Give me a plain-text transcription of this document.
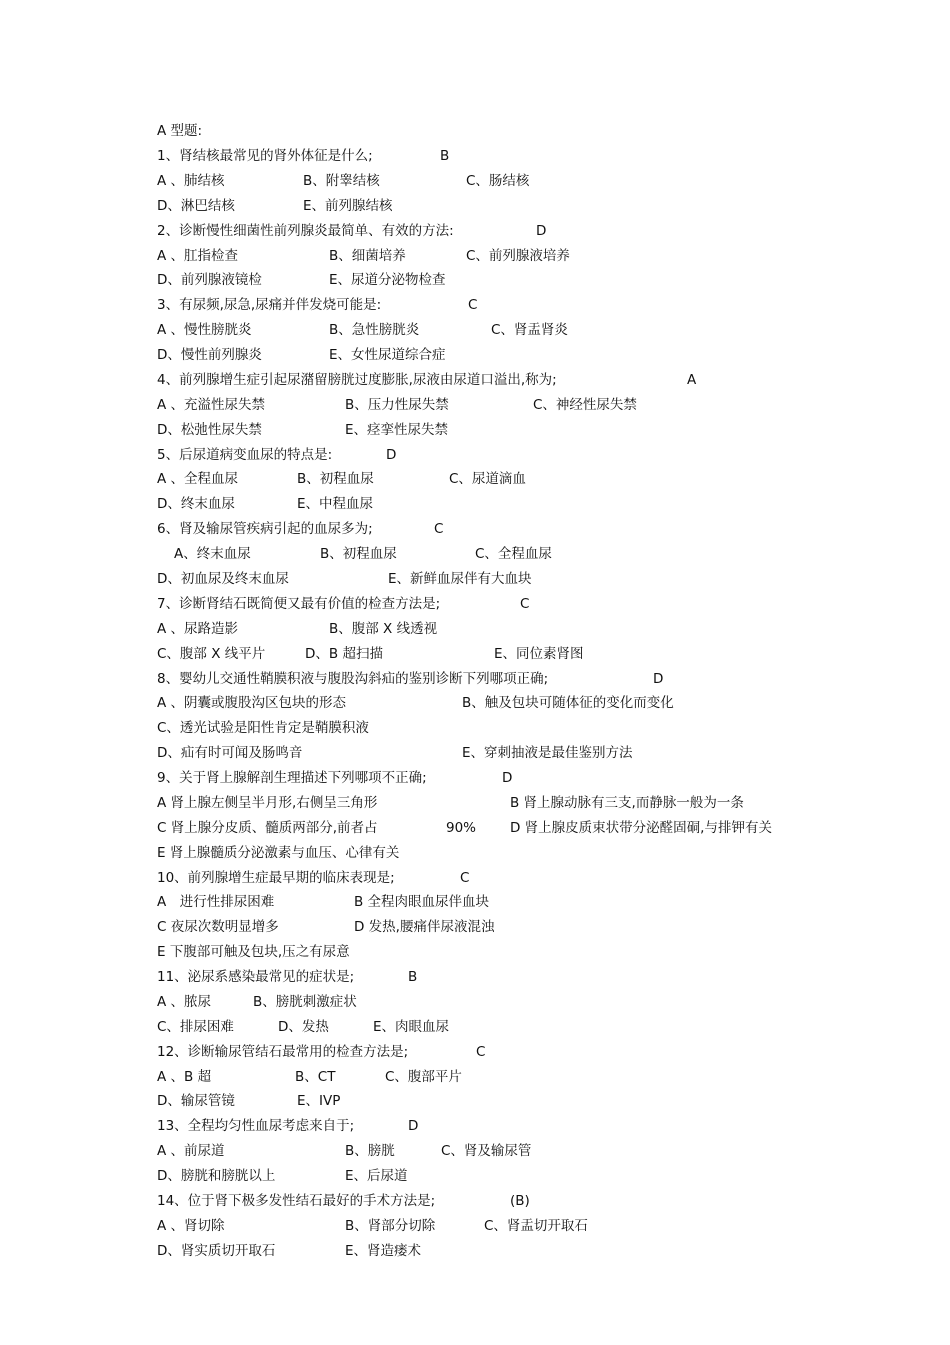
A 型题:
1、肾结核最常见的肾外体征是什么;	B
A 、肺结核	B、附睾结核	C、肠结核
D、淋巴结核	E、前列腺结核
2、诊断慢性细菌性前列腺炎最简单、有效的方法:	D
A 、肛指检查	B、细菌培养	C、前列腺液培养
D、前列腺液镜检	E、尿道分泌物检查
3、有尿频,尿急,尿痛并伴发烧可能是:	C
A 、慢性膀胱炎	B、急性膀胱炎	C、肾盂肾炎
D、慢性前列腺炎	E、女性尿道综合症
4、前列腺增生症引起尿潴留膀胱过度膨胀,尿液由尿道口溢出,称为;	A
A 、充溢性尿失禁	B、压力性尿失禁	C、神经性尿失禁
D、松弛性尿失禁	E、痉挛性尿失禁
5、后尿道病变血尿的特点是:	D
A 、全程血尿	B、初程血尿	C、尿道滴血
D、终末血尿	E、中程血尿
6、肾及输尿管疾病引起的血尿多为;	C
A、终末血尿	B、初程血尿	C、全程血尿
D、初血尿及终末血尿	E、新鲜血尿伴有大血块
7、诊断肾结石既简便又最有价值的检查方法是;	C
A 、尿路造影	B、腹部 X 线透视
C、腹部 X 线平片	D、B 超扫描	E、同位素肾图
8、婴幼儿交通性鞘膜积液与腹股沟斜疝的鉴别诊断下列哪项正确;	D
A 、阴囊或腹股沟区包块的形态	B、触及包块可随体征的变化而变化
C、透光试验是阳性肯定是鞘膜积液
D、疝有时可闻及肠鸣音	E、穿刺抽液是最佳鉴别方法
9、关于肾上腺解剖生理描述下列哪项不正确;	D
A 肾上腺左侧呈半月形,右侧呈三角形	B 肾上腺动脉有三支,而静脉一般为一条
C 肾上腺分皮质、髓质两部分,前者占	90%	D 肾上腺皮质束状带分泌醛固硐,与排钾有关
E 肾上腺髓质分泌激素与血压、心律有关
10、前列腺增生症最早期的临床表现是;	C
A　进行性排尿困难	B 全程肉眼血尿伴血块
C 夜尿次数明显增多	D 发热,腰痛伴尿液混浊
E 下腹部可触及包块,压之有尿意
11、泌尿系感染最常见的症状是;	B
A 、脓尿	B、膀胱刺激症状
C、排尿困难	D、发热	E、肉眼血尿
12、诊断输尿管结石最常用的检查方法是;	C
A 、B 超	B、CT	C、腹部平片
D、输尿管镜	E、IVP
13、全程均匀性血尿考虑来自于;	D
A 、前尿道	B、膀胱	C、肾及输尿管
D、膀胱和膀胱以上	E、后尿道
14、位于肾下极多发性结石最好的手术方法是;	(B)
A 、肾切除	B、肾部分切除	C、肾盂切开取石
D、肾实质切开取石	E、肾造瘘术
